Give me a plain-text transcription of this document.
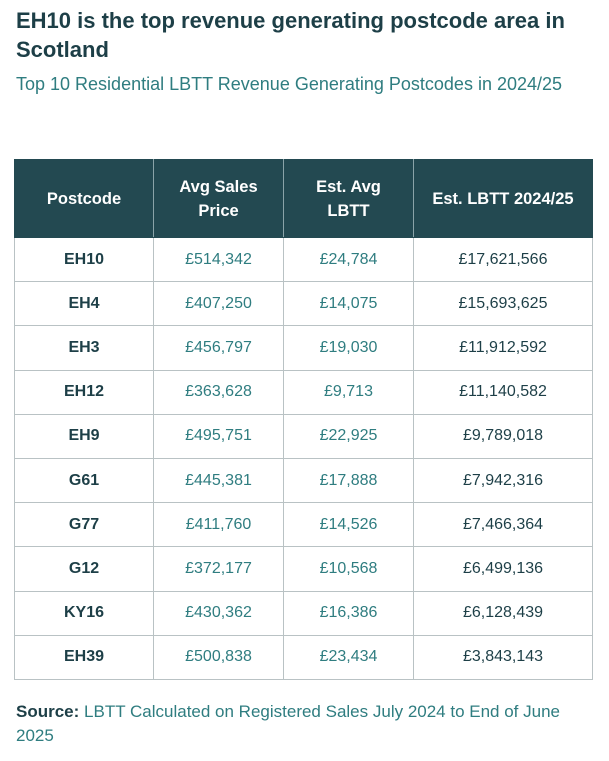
EH10 is the top revenue generating postcode area in Scotland

Top 10 Residential LBTT Revenue Generating Postcodes in 2024/25

Postcode	Avg Sales Price	Est. Avg LBTT	Est. LBTT 2024/25
EH10	£514,342	£24,784	£17,621,566
EH4	£407,250	£14,075	£15,693,625
EH3	£456,797	£19,030	£11,912,592
EH12	£363,628	£9,713	£11,140,582
EH9	£495,751	£22,925	£9,789,018
G61	£445,381	£17,888	£7,942,316
G77	£411,760	£14,526	£7,466,364
G12	£372,177	£10,568	£6,499,136
KY16	£430,362	£16,386	£6,128,439
EH39	£500,838	£23,434	£3,843,143

Source: LBTT Calculated on Registered Sales July 2024 to End of June 2025
